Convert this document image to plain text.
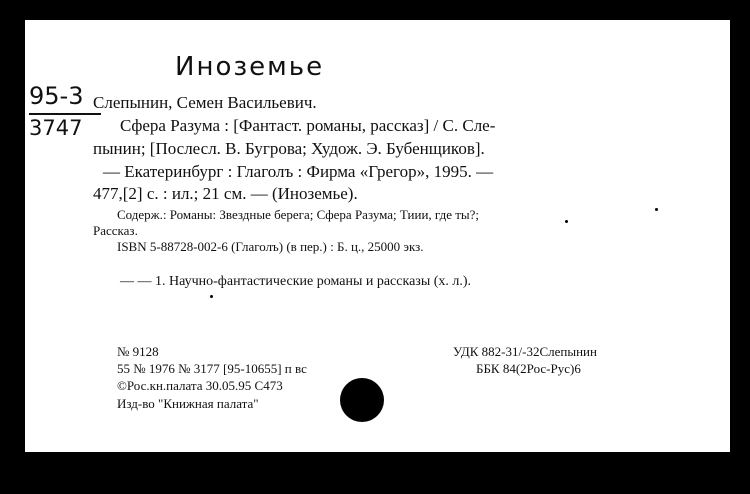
Иноземье
95-3
3747
Слепынин, Семен Васильевич.
Сфера Разума : [Фантаст. романы, рассказ] / С. Сле-
пынин; [Послесл. В. Бугрова; Худож. Э. Бубенщиков].
— Екатеринбург : Глаголъ : Фирма «Грегор», 1995. —
477,[2] с. : ил.; 21 см. — (Иноземье).
Содерж.: Романы: Звездные берега; Сфера Разума; Тиии, где ты?;
Рассказ.
ISBN 5-88728-002-6 (Глаголъ) (в пер.) : Б. ц., 25000 экз.
— — 1. Научно-фантастические романы и рассказы (х. л.).
№ 9128
55 № 1976 № 3177 [95-10655] п вс
©Рос.кн.палата 30.05.95 С473
Изд-во "Книжная палата"
УДК 882-31/-32Слепынин
ББК 84(2Рос-Рус)6
